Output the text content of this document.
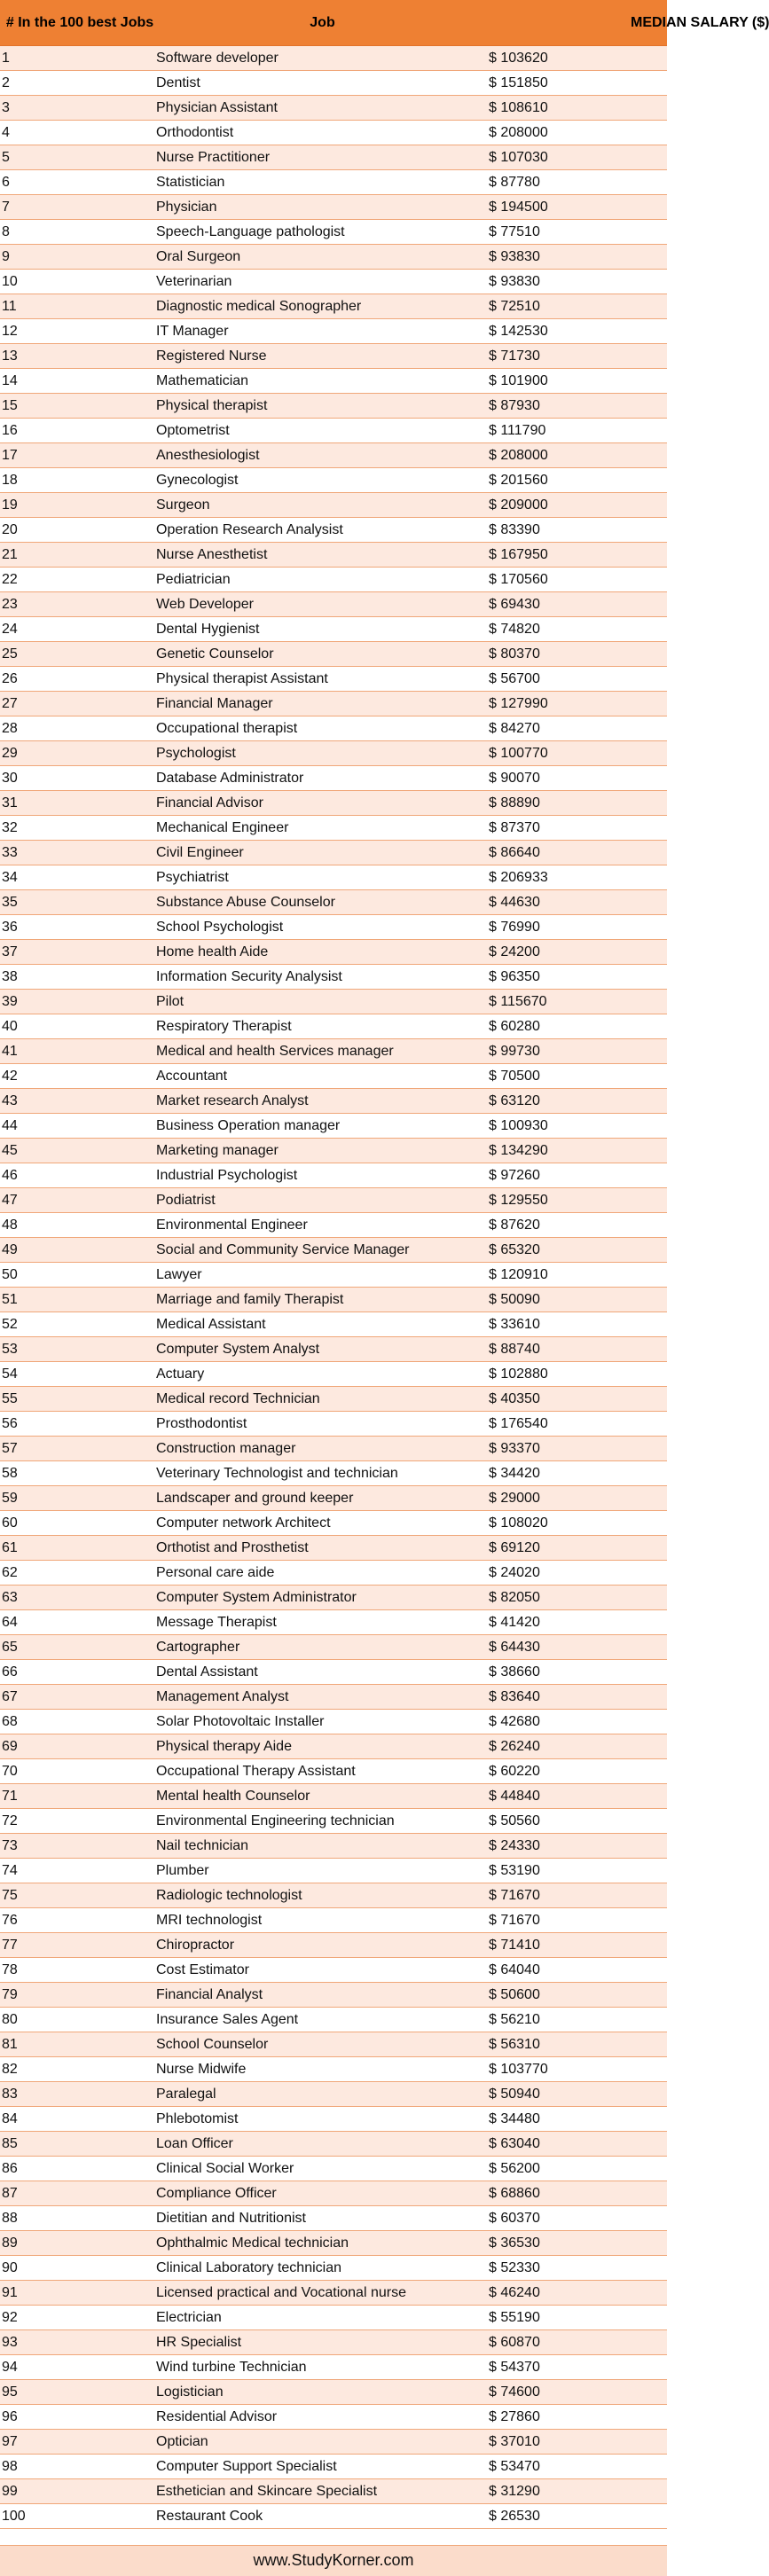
# In the 100 best Jobs	Job	MEDIAN SALARY ($)
1	Software developer	$ 103620
2	Dentist	$ 151850
3	Physician Assistant	$ 108610
4	Orthodontist	$ 208000
5	Nurse Practitioner	$ 107030
6	Statistician	$ 87780
7	Physician	$ 194500
8	Speech-Language pathologist	$ 77510
9	Oral Surgeon	$ 93830
10	Veterinarian	$ 93830
11	Diagnostic medical Sonographer	$ 72510
12	IT Manager	$ 142530
13	Registered Nurse	$ 71730
14	Mathematician	$ 101900
15	Physical therapist	$ 87930
16	Optometrist	$ 111790
17	Anesthesiologist	$ 208000
18	Gynecologist	$ 201560
19	Surgeon	$ 209000
20	Operation Research Analysist	$ 83390
21	Nurse Anesthetist	$ 167950
22	Pediatrician	$ 170560
23	Web Developer	$ 69430
24	Dental Hygienist	$ 74820
25	Genetic Counselor	$ 80370
26	Physical therapist Assistant	$ 56700
27	Financial Manager	$ 127990
28	Occupational therapist	$ 84270
29	Psychologist	$ 100770
30	Database Administrator	$ 90070
31	Financial Advisor	$ 88890
32	Mechanical Engineer	$ 87370
33	Civil Engineer	$ 86640
34	Psychiatrist	$ 206933
35	Substance Abuse Counselor	$ 44630
36	School Psychologist	$ 76990
37	Home health Aide	$ 24200
38	Information Security Analysist	$ 96350
39	Pilot	$ 115670
40	Respiratory Therapist	$ 60280
41	Medical and health Services manager	$ 99730
42	Accountant	$ 70500
43	Market research Analyst	$ 63120
44	Business Operation manager	$ 100930
45	Marketing manager	$ 134290
46	Industrial Psychologist	$ 97260
47	Podiatrist	$ 129550
48	Environmental Engineer	$ 87620
49	Social and Community Service Manager	$ 65320
50	Lawyer	$ 120910
51	Marriage and family Therapist	$ 50090
52	Medical Assistant	$ 33610
53	Computer System Analyst	$ 88740
54	Actuary	$ 102880
55	Medical record Technician	$ 40350
56	Prosthodontist	$ 176540
57	Construction manager	$ 93370
58	Veterinary Technologist and technician	$ 34420
59	Landscaper and ground keeper	$ 29000
60	Computer network Architect	$ 108020
61	Orthotist and Prosthetist	$ 69120
62	Personal care aide	$ 24020
63	Computer System Administrator	$ 82050
64	Message Therapist	$ 41420
65	Cartographer	$ 64430
66	Dental Assistant	$ 38660
67	Management Analyst	$ 83640
68	Solar Photovoltaic Installer	$ 42680
69	Physical therapy Aide	$ 26240
70	Occupational Therapy Assistant	$ 60220
71	Mental health Counselor	$ 44840
72	Environmental Engineering technician	$ 50560
73	Nail technician	$ 24330
74	Plumber	$ 53190
75	Radiologic technologist	$ 71670
76	MRI technologist	$ 71670
77	Chiropractor	$ 71410
78	Cost Estimator	$ 64040
79	Financial Analyst	$ 50600
80	Insurance Sales Agent	$ 56210
81	School Counselor	$ 56310
82	Nurse Midwife	$ 103770
83	Paralegal	$ 50940
84	Phlebotomist	$ 34480
85	Loan Officer	$ 63040
86	Clinical Social Worker	$ 56200
87	Compliance Officer	$ 68860
88	Dietitian and Nutritionist	$ 60370
89	Ophthalmic Medical technician	$ 36530
90	Clinical Laboratory technician	$ 52330
91	Licensed practical and Vocational nurse	$ 46240
92	Electrician	$ 55190
93	HR Specialist	$ 60870
94	Wind turbine Technician	$ 54370
95	Logistician	$ 74600
96	Residential Advisor	$ 27860
97	Optician	$ 37010
98	Computer Support Specialist	$ 53470
99	Esthetician and Skincare Specialist	$ 31290
100	Restaurant Cook	$ 26530
www.StudyKorner.com
